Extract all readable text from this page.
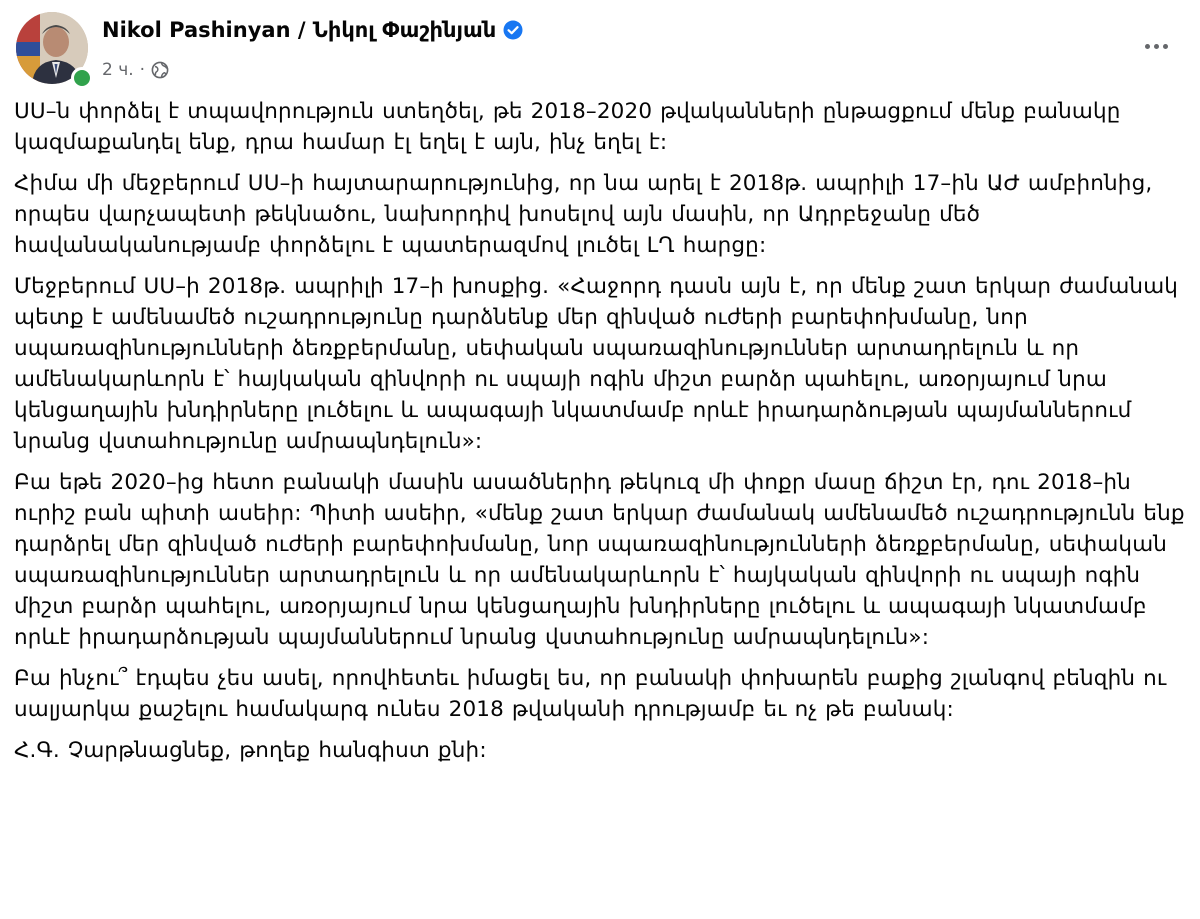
Nikol Pashinyan / Նիկոլ Փաշինյան
2 ч. ·

ՍՍ–ն փորձել է տպավորություն ստեղծել, թե 2018–2020 թվականների ընթացքում մենք բանակը կազմաքանդել ենք, դրա համար էլ եղել է այն, ինչ եղել է:

Հիմա մի մեջբերում ՍՍ–ի հայտարարությունից, որ նա արել է 2018թ. ապրիլի 17–ին ԱԺ ամբիոնից, որպես վարչապետի թեկնածու, նախորդիվ խոսելով այն մասին, որ Ադրբեջանը մեծ հավանականությամբ փորձելու է պատերազմով լուծել ԼՂ հարցը:

Մեջբերում ՍՍ–ի 2018թ. ապրիլի 17–ի խոսքից. «Հաջորդ դասն այն է, որ մենք շատ երկար ժամանակ պետք է ամենամեծ ուշադրությունը դարձնենք մեր զինված ուժերի բարեփոխմանը, նոր սպառազինությունների ձեռքբերմանը, սեփական սպառազինություններ արտադրելուն և որ ամենակարևորն է՝ հայկական զինվորի ու սպայի ոգին միշտ բարձր պահելու, առօրյայում նրա կենցաղային խնդիրները լուծելու և ապագայի նկատմամբ որևէ իրադարձության պայմաններում նրանց վստահությունը ամրապնդելուն»:

Բա եթե 2020–ից հետո բանակի մասին ասածներիդ թեկուզ մի փոքր մասը ճիշտ էր, դու 2018–ին ուրիշ բան պիտի ասեիր: Պիտի ասեիր, «մենք շատ երկար ժամանակ ամենամեծ ուշադրությունն ենք դարձրել մեր զինված ուժերի բարեփոխմանը, նոր սպառազինությունների ձեռքբերմանը, սեփական սպառազինություններ արտադրելուն և որ ամենակարևորն է՝ հայկական զինվորի ու սպայի ոգին միշտ բարձր պահելու, առօրյայում նրա կենցաղային խնդիրները լուծելու և ապագայի նկատմամբ որևէ իրադարձության պայմաններում նրանց վստահությունը ամրապնդելուն»:

Բա ինչու՞ էդպես չես ասել, որովհետեւ իմացել ես, որ բանակի փոխարեն բաքից շլանգով բենզին ու սալյարկա քաշելու համակարգ ունես 2018 թվականի դրությամբ եւ ոչ թե բանակ:

Հ.Գ. Չարթնացնեք, թողեք հանգիստ քնի:
